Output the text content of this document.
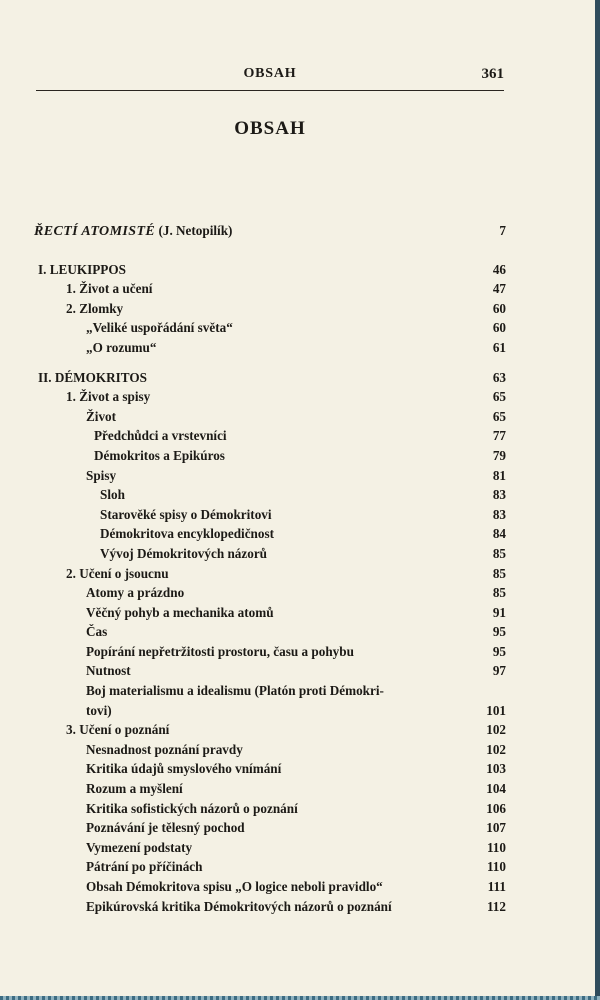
OBSAH	361
OBSAH
ŘECTÍ ATOMISTÉ (J. Netopilík)	7
I. LEUKIPPOS	46
1. Život a učení	47
2. Zlomky	60
„Veliké uspořádání světa“	60
„O rozumu“	61
II. DÉMOKRITOS	63
1. Život a spisy	65
Život	65
Předchůdci a vrstevníci	77
Démokritos a Epikúros	79
Spisy	81
Sloh	83
Starověké spisy o Démokritovi	83
Démokritova encyklopedičnost	84
Vývoj Démokritových názorů	85
2. Učení o jsoucnu	85
Atomy a prázdno	85
Věčný pohyb a mechanika atomů	91
Čas	95
Popírání nepřetržitosti prostoru, času a pohybu	95
Nutnost	97
Boj materialismu a idealismu (Platón proti Démokri-
tovi)	101
3. Učení o poznání	102
Nesnadnost poznání pravdy	102
Kritika údajů smyslového vnímání	103
Rozum a myšlení	104
Kritika sofistických názorů o poznání	106
Poznávání je tělesný pochod	107
Vymezení podstaty	110
Pátrání po příčinách	110
Obsah Démokritova spisu „O logice neboli pravidlo“	111
Epikúrovská kritika Démokritových názorů o poznání	112
